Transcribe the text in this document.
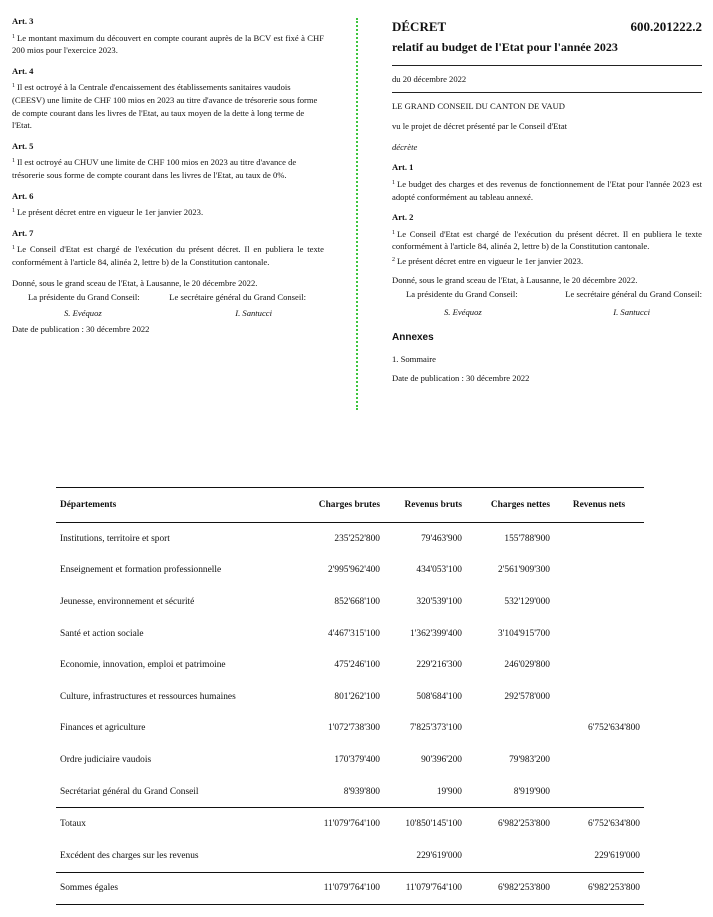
Art. 3

$^1$ Le montant maximum du découvert en compte courant auprès de la BCV est fixé à CHF 200 mios pour l'exercice 2023.

Art. 4

$^1$ Il est octroyé à la Centrale d'encaissement des établissements sanitaires vaudois (CEESV) une limite de CHF 100 mios en 2023 au titre d'avance de trésorerie sous forme de compte courant dans les livres de l'Etat, au taux moyen de la dette à long terme de l'Etat.

Art. 5

$^1$ Il est octroyé au CHUV une limite de CHF 100 mios en 2023 au titre d'avance de trésorerie sous forme de compte courant dans les livres de l'Etat, au taux de 0%.

Art. 6

$^1$ Le présent décret entre en vigueur le 1er janvier 2023.

Art. 7

$^1$ Le Conseil d'Etat est chargé de l'exécution du présent décret. Il en publiera le texte conformément à l'article 84, alinéa 2, lettre b) de la Constitution cantonale.

Donné, sous le grand sceau de l'Etat, à Lausanne, le 20 décembre 2022.

La présidente du Grand Conseil:	Le secrétaire général du Grand Conseil:
S. Evéquoz	I. Santucci

Date de publication : 30 décembre 2022

DÉCRET	600.201222.2
relatif au budget de l'Etat pour l'année 2023

du 20 décembre 2022

LE GRAND CONSEIL DU CANTON DE VAUD

vu le projet de décret présenté par le Conseil d'Etat

décrète

Art. 1

$^1$ Le budget des charges et des revenus de fonctionnement de l'Etat pour l'année 2023 est adopté conformément au tableau annexé.

Art. 2

$^1$ Le Conseil d'Etat est chargé de l'exécution du présent décret. Il en publiera le texte conformément à l'article 84, alinéa 2, lettre b) de la Constitution cantonale.

$^2$ Le présent décret entre en vigueur le 1er janvier 2023.

Donné, sous le grand sceau de l'Etat, à Lausanne, le 20 décembre 2022.

La présidente du Grand Conseil:	Le secrétaire général du Grand Conseil:
S. Evéquoz	I. Santucci

Annexes

1. Sommaire

Date de publication : 30 décembre 2022

Départements	Charges brutes	Revenus bruts	Charges nettes	Revenus nets
Institutions, territoire et sport	235'252'800	79'463'900	155'788'900	
Enseignement et formation professionnelle	2'995'962'400	434'053'100	2'561'909'300	
Jeunesse, environnement et sécurité	852'668'100	320'539'100	532'129'000	
Santé et action sociale	4'467'315'100	1'362'399'400	3'104'915'700	
Economie, innovation, emploi et patrimoine	475'246'100	229'216'300	246'029'800	
Culture, infrastructures et ressources humaines	801'262'100	508'684'100	292'578'000	
Finances et agriculture	1'072'738'300	7'825'373'100		6'752'634'800
Ordre judiciaire vaudois	170'379'400	90'396'200	79'983'200	
Secrétariat général du Grand Conseil	8'939'800	19'900	8'919'900	
Totaux	11'079'764'100	10'850'145'100	6'982'253'800	6'752'634'800
Excédent des charges sur les revenus		229'619'000		229'619'000
Sommes égales	11'079'764'100	11'079'764'100	6'982'253'800	6'982'253'800
